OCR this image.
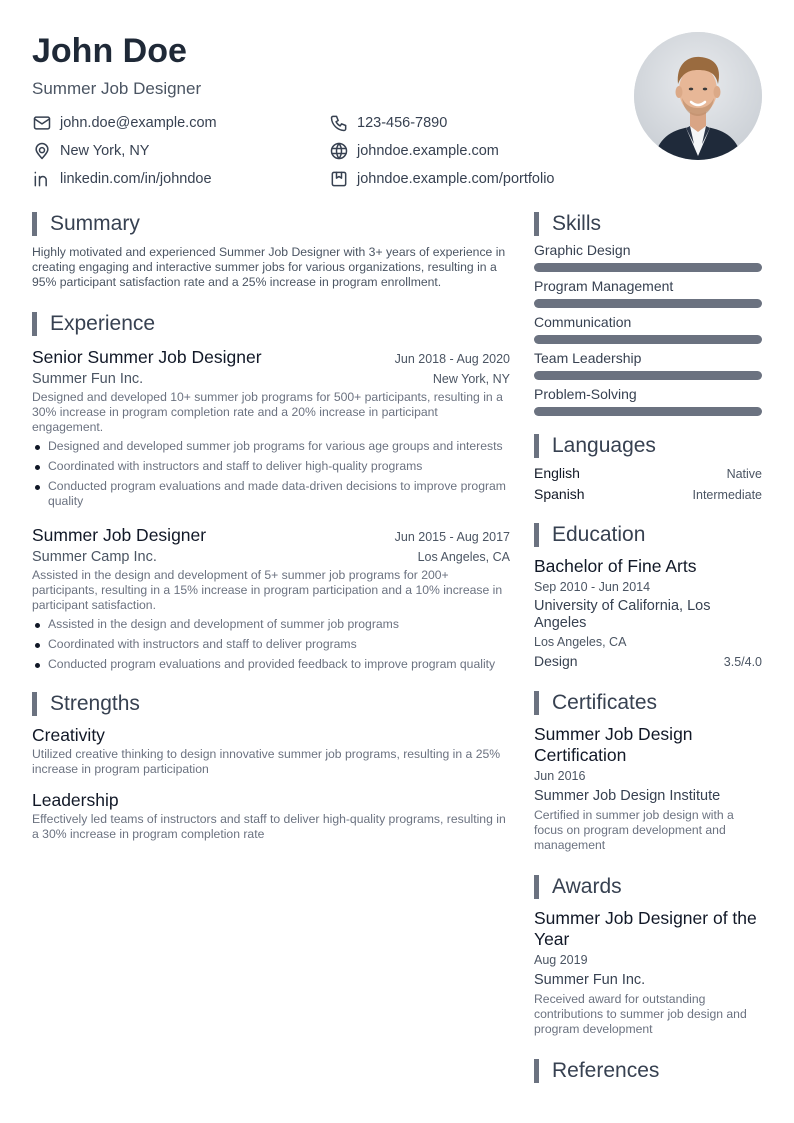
John Doe
Summer Job Designer
john.doe@example.com	123-456-7890
New York, NY	johndoe.example.com
linkedin.com/in/johndoe	johndoe.example.com/portfolio
Summary
Highly motivated and experienced Summer Job Designer with 3+ years of experience in creating engaging and interactive summer jobs for various organizations, resulting in a 95% participant satisfaction rate and a 25% increase in program enrollment.
Experience
Senior Summer Job Designer	Jun 2018 - Aug 2020
Summer Fun Inc.	New York, NY
Designed and developed 10+ summer job programs for 500+ participants, resulting in a 30% increase in program completion rate and a 20% increase in participant engagement.
Designed and developed summer job programs for various age groups and interests
Coordinated with instructors and staff to deliver high-quality programs
Conducted program evaluations and made data-driven decisions to improve program quality
Summer Job Designer	Jun 2015 - Aug 2017
Summer Camp Inc.	Los Angeles, CA
Assisted in the design and development of 5+ summer job programs for 200+ participants, resulting in a 15% increase in program participation and a 10% increase in participant satisfaction.
Assisted in the design and development of summer job programs
Coordinated with instructors and staff to deliver programs
Conducted program evaluations and provided feedback to improve program quality
Strengths
Creativity
Utilized creative thinking to design innovative summer job programs, resulting in a 25% increase in program participation
Leadership
Effectively led teams of instructors and staff to deliver high-quality programs, resulting in a 30% increase in program completion rate
Skills
Graphic Design
Program Management
Communication
Team Leadership
Problem-Solving
Languages
English	Native
Spanish	Intermediate
Education
Bachelor of Fine Arts
Sep 2010 - Jun 2014
University of California, Los Angeles
Los Angeles, CA
Design	3.5/4.0
Certificates
Summer Job Design Certification
Jun 2016
Summer Job Design Institute
Certified in summer job design with a focus on program development and management
Awards
Summer Job Designer of the Year
Aug 2019
Summer Fun Inc.
Received award for outstanding contributions to summer job design and program development
References
